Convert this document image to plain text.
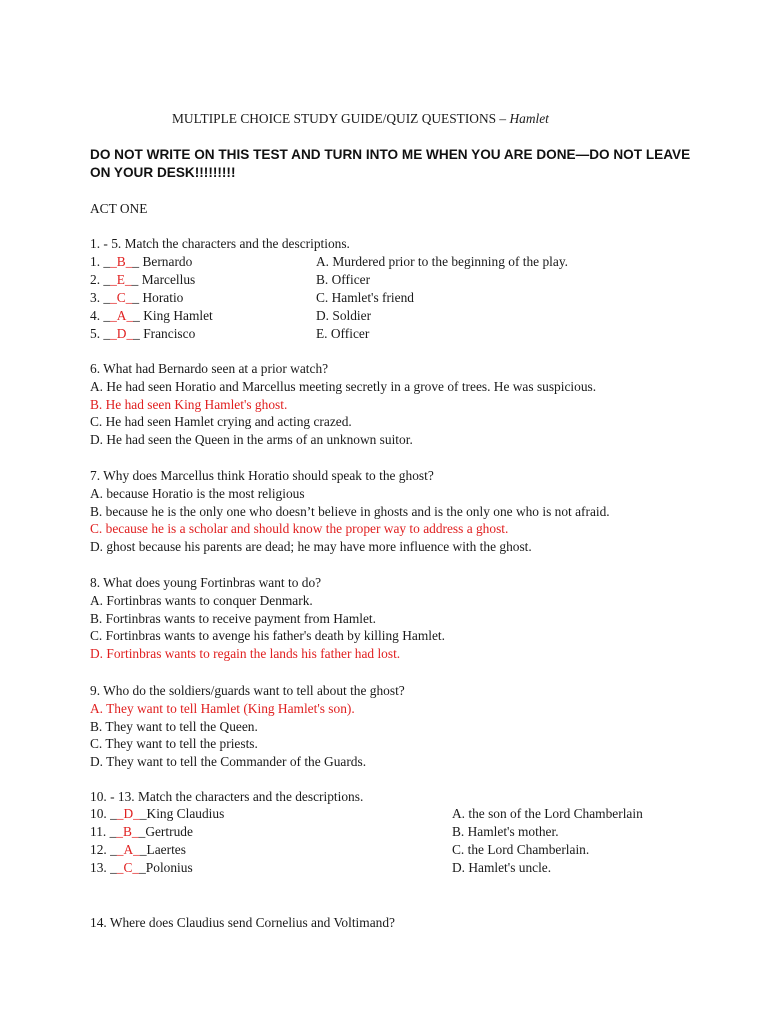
MULTIPLE CHOICE STUDY GUIDE/QUIZ QUESTIONS – Hamlet
DO NOT WRITE ON THIS TEST AND TURN INTO ME WHEN YOU ARE DONE—DO NOT LEAVE ON YOUR DESK!!!!!!!!!
ACT ONE
1. - 5. Match the characters and the descriptions.
1. __B__ Bernardo	A. Murdered prior to the beginning of the play.
2. __E__ Marcellus	B. Officer
3. __C__ Horatio	C. Hamlet's friend
4. __A__ King Hamlet	D. Soldier
5. __D__ Francisco	E. Officer
6. What had Bernardo seen at a prior watch?
A. He had seen Horatio and Marcellus meeting secretly in a grove of trees. He was suspicious.
B. He had seen King Hamlet's ghost.
C. He had seen Hamlet crying and acting crazed.
D. He had seen the Queen in the arms of an unknown suitor.
7. Why does Marcellus think Horatio should speak to the ghost?
A. because Horatio is the most religious
B. because he is the only one who doesn’t believe in ghosts and is the only one who is not afraid.
C. because he is a scholar and should know the proper way to address a ghost.
D. ghost because his parents are dead; he may have more influence with the ghost.
8. What does young Fortinbras want to do?
A. Fortinbras wants to conquer Denmark.
B. Fortinbras wants to receive payment from Hamlet.
C. Fortinbras wants to avenge his father's death by killing Hamlet.
D. Fortinbras wants to regain the lands his father had lost.
9. Who do the soldiers/guards want to tell about the ghost?
A. They want to tell Hamlet (King Hamlet's son).
B. They want to tell the Queen.
C. They want to tell the priests.
D. They want to tell the Commander of the Guards.
10. - 13. Match the characters and the descriptions.
10. __D__King Claudius	A. the son of the Lord Chamberlain
11. __B__Gertrude	B. Hamlet's mother.
12. __A__Laertes	C. the Lord Chamberlain.
13. __C__Polonius	D. Hamlet's uncle.
14. Where does Claudius send Cornelius and Voltimand?
